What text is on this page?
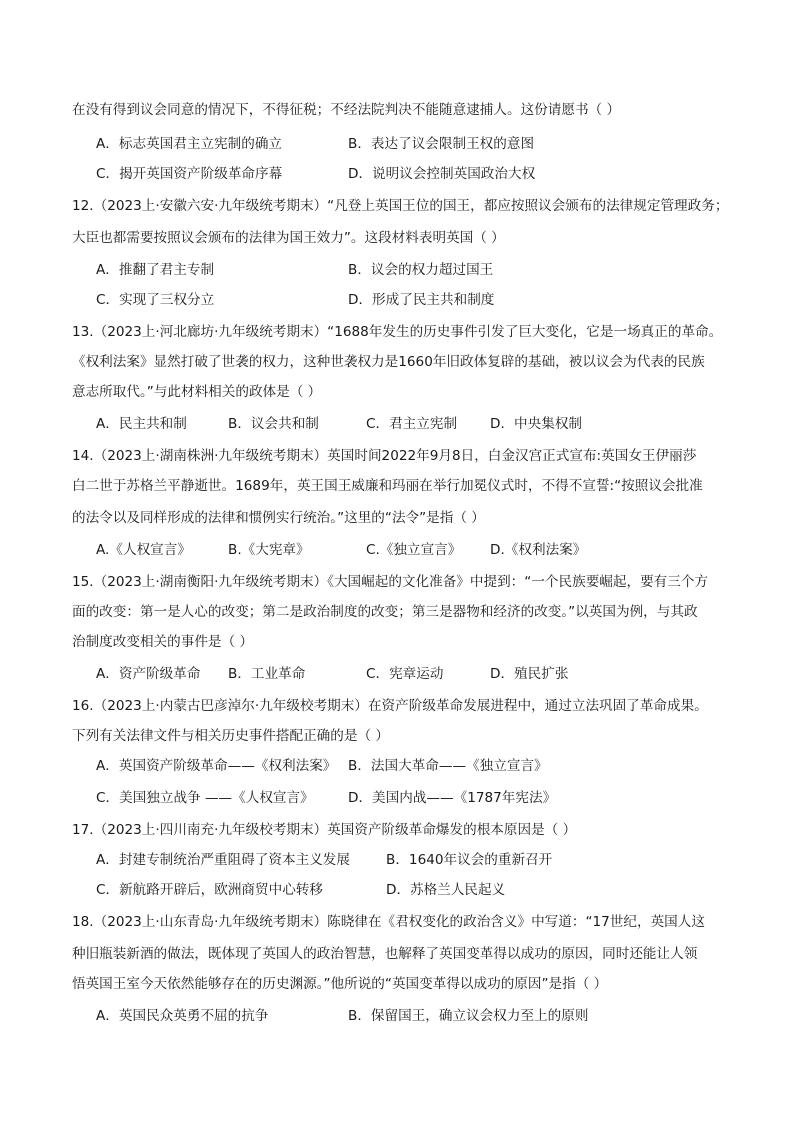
在没有得到议会同意的情况下，不得征税；不经法院判决不能随意逮捕人。这份请愿书（ ）
A．标志英国君主立宪制的确立	B．表达了议会限制王权的意图
C．揭开英国资产阶级革命序幕	D．说明议会控制英国政治大权
12.（2023上·安徽六安·九年级统考期末）“凡登上英国王位的国王，都应按照议会颁布的法律规定管理政务；
大臣也都需要按照议会颁布的法律为国王效力”。这段材料表明英国（ ）
A．推翻了君主专制	B．议会的权力超过国王
C．实现了三权分立	D．形成了民主共和制度
13.（2023上·河北廊坊·九年级统考期末）“1688年发生的历史事件引发了巨大变化，它是一场真正的革命。
《权利法案》显然打破了世袭的权力，这种世袭权力是1660年旧政体复辟的基础，被以议会为代表的民族
意志所取代。”与此材料相关的政体是（ ）
A．民主共和制	B．议会共和制	C．君主立宪制 D．中央集权制
14.（2023上·湖南株洲·九年级统考期末）英国时间2022年9月8日，白金汉宫正式宣布:英国女王伊丽莎
白二世于苏格兰平静逝世。1689年，英王国王威廉和玛丽在举行加冕仪式时，不得不宣誓:“按照议会批准
的法令以及同样形成的法律和惯例实行统治。”这里的“法令”是指（ ）
A.《人权宣言》	B.《大宪章》	C.《独立宣言》 D.《权利法案》
15.（2023上·湖南衡阳·九年级统考期末）《大国崛起的文化准备》中提到：“一个民族要崛起，要有三个方
面的改变：第一是人心的改变；第二是政治制度的改变；第三是器物和经济的改变。”以英国为例，与其政
治制度改变相关的事件是（ ）
A．资产阶级革命 B．工业革命	C．宪章运动	D．殖民扩张
16.（2023上·内蒙古巴彦淖尔·九年级校考期末）在资产阶级革命发展进程中，通过立法巩固了革命成果。
下列有关法律文件与相关历史事件搭配正确的是（ ）
A．英国资产阶级革命——《权利法案》 B．法国大革命——《独立宣言》
C．美国独立战争 ——《人权宣言》	D．美国内战——《1787年宪法》
17.（2023上·四川南充·九年级校考期末）英国资产阶级革命爆发的根本原因是（ ）
A．封建专制统治严重阻碍了资本主义发展	B．1640年议会的重新召开
C．新航路开辟后，欧洲商贸中心转移	D．苏格兰人民起义
18.（2023上·山东青岛·九年级统考期末）陈晓律在《君权变化的政治含义》中写道：“17世纪，英国人这
种旧瓶装新酒的做法，既体现了英国人的政治智慧，也解释了英国变革得以成功的原因，同时还能让人领
悟英国王室今天依然能够存在的历史渊源。”他所说的“英国变革得以成功的原因”是指（ ）
A．英国民众英勇不屈的抗争	B．保留国王，确立议会权力至上的原则
